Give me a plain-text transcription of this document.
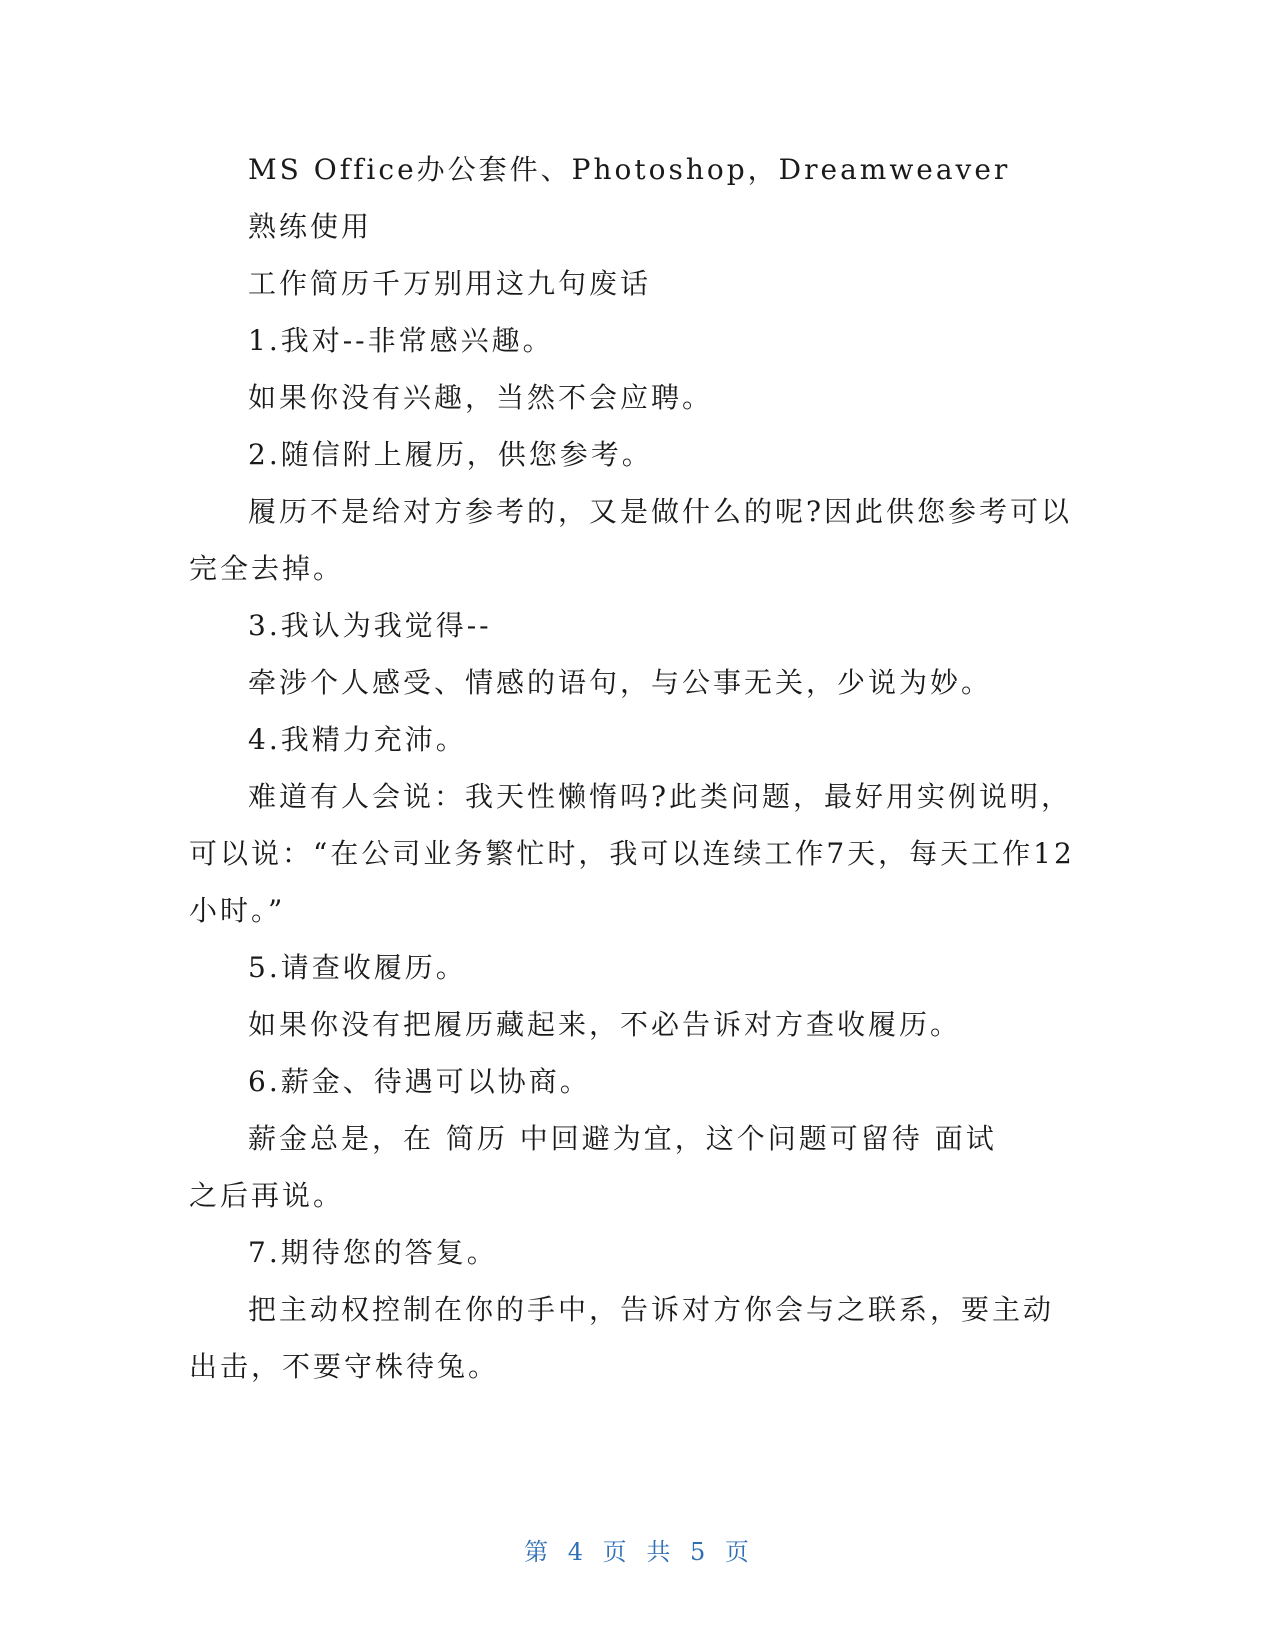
MS Office办公套件、Photoshop，Dreamweaver
熟练使用
工作简历千万别用这九句废话
1.我对--非常感兴趣。
如果你没有兴趣，当然不会应聘。
2.随信附上履历，供您参考。
履历不是给对方参考的，又是做什么的呢?因此供您参考可以
完全去掉。
3.我认为我觉得--
牵涉个人感受、情感的语句，与公事无关，少说为妙。
4.我精力充沛。
难道有人会说：我天性懒惰吗?此类问题，最好用实例说明，
可以说：“在公司业务繁忙时，我可以连续工作7天，每天工作12
小时。”
5.请查收履历。
如果你没有把履历藏起来，不必告诉对方查收履历。
6.薪金、待遇可以协商。
薪金总是，在 简历 中回避为宜，这个问题可留待 面试
之后再说。
7.期待您的答复。
把主动权控制在你的手中，告诉对方你会与之联系，要主动
出击，不要守株待兔。
第 4 页 共 5 页
